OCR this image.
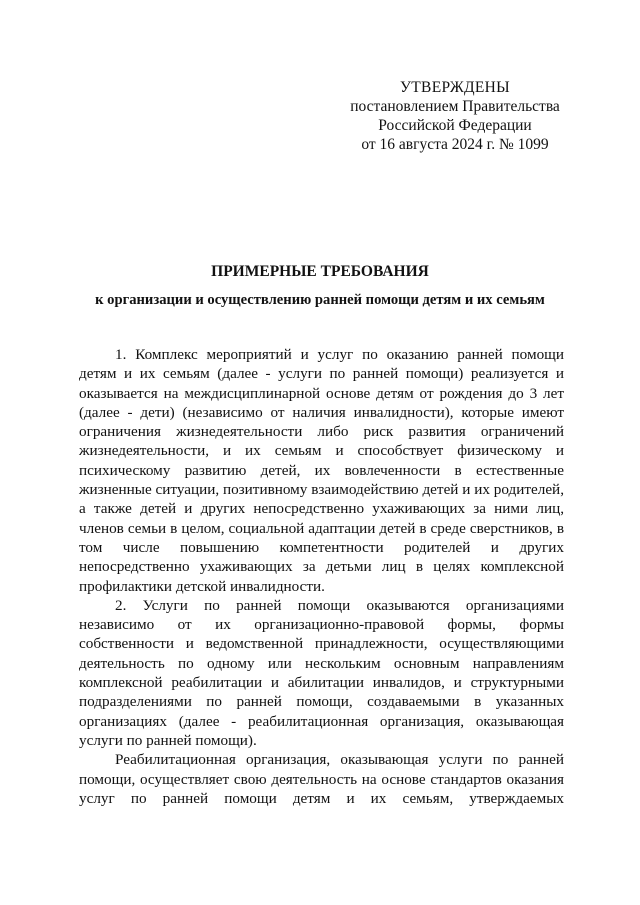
УТВЕРЖДЕНЫ
постановлением Правительства
Российской Федерации
от 16 августа 2024 г. № 1099
ПРИМЕРНЫЕ ТРЕБОВАНИЯ
к организации и осуществлению ранней помощи детям и их семьям

1. Комплекс мероприятий и услуг по оказанию ранней помощи детям и их семьям (далее - услуги по ранней помощи) реализуется и оказывается на междисциплинарной основе детям от рождения до 3 лет (далее - дети) (независимо от наличия инвалидности), которые имеют ограничения жизнедеятельности либо риск развития ограничений жизнедеятельности, и их семьям и способствует физическому и психическому развитию детей, их вовлеченности в естественные жизненные ситуации, позитивному взаимодействию детей и их родителей, а также детей и других непосредственно ухаживающих за ними лиц, членов семьи в целом, социальной адаптации детей в среде сверстников, в том числе повышению компетентности родителей и других непосредственно ухаживающих за детьми лиц в целях комплексной профилактики детской инвалидности.

2. Услуги по ранней помощи оказываются организациями независимо от их организационно-правовой формы, формы собственности и ведомственной принадлежности, осуществляющими деятельность по одному или нескольким основным направлениям комплексной реабилитации и абилитации инвалидов, и структурными подразделениями по ранней помощи, создаваемыми в указанных организациях (далее - реабилитационная организация, оказывающая услуги по ранней помощи).

Реабилитационная организация, оказывающая услуги по ранней помощи, осуществляет свою деятельность на основе стандартов оказания услуг по ранней помощи детям и их семьям, утверждаемых
